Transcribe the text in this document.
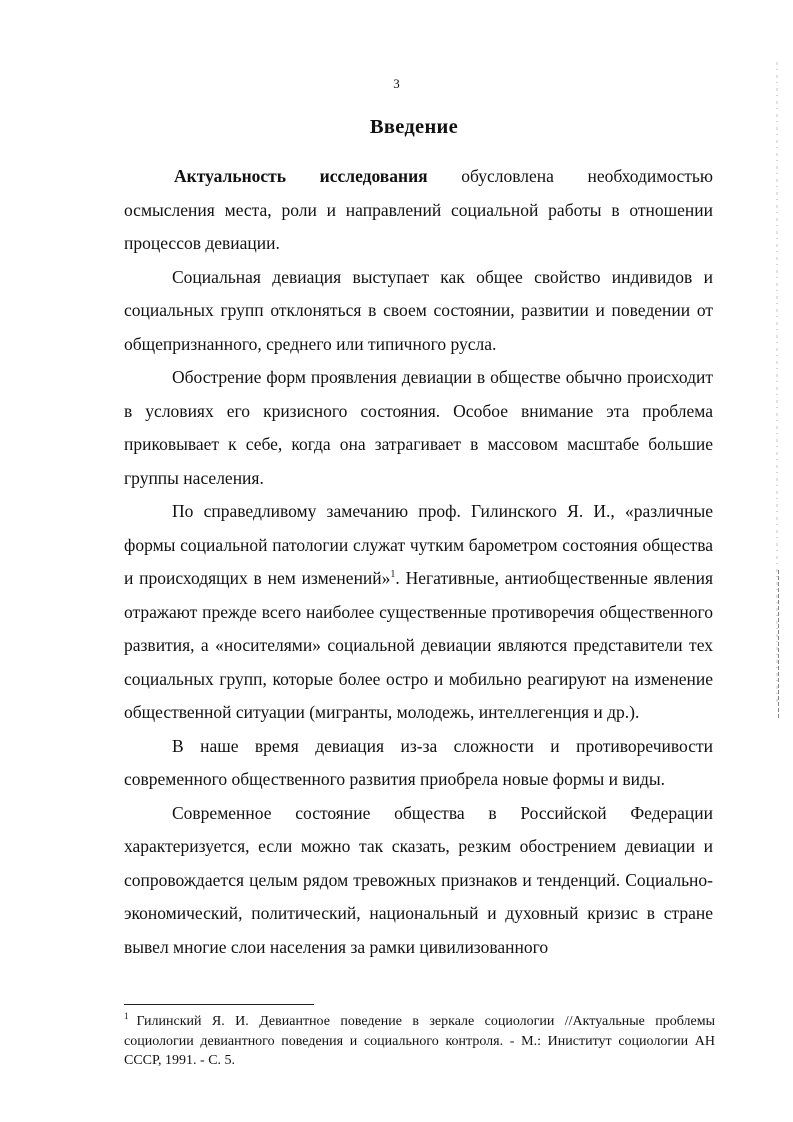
3
Введение

Актуальность исследования обусловлена необходимостью осмысления места, роли и направлений социальной работы в отношении процессов девиации.

Социальная девиация выступает как общее свойство индивидов и социальных групп отклоняться в своем состоянии, развитии и поведении от общепризнанного, среднего или типичного русла.

Обострение форм проявления девиации в обществе обычно происходит в условиях его кризисного состояния. Особое внимание эта проблема приковывает к себе, когда она затрагивает в массовом масштабе большие группы населения.

По справедливому замечанию проф. Гилинского Я. И., «различные формы социальной патологии служат чутким барометром состояния общества и происходящих в нем изменений»$^1$. Негативные, антиобщественные явления отражают прежде всего наиболее существенные противоречия общественного развития, а «носителями» социальной девиации являются представители тех социальных групп, которые более остро и мобильно реагируют на изменение общественной ситуации (мигранты, молодежь, интеллегенция и др.).

В наше время девиация из-за сложности и противоречивости современного общественного развития приобрела новые формы и виды.

Современное состояние общества в Российской Федерации характеризуется, если можно так сказать, резким обострением девиации и сопровождается целым рядом тревожных признаков и тенденций. Социально-экономический, политический, национальный и духовный кризис в стране вывел многие слои населения за рамки цивилизованного

$^1$ Гилинский Я. И. Девиантное поведение в зеркале социологии //Актуальные проблемы социологии девиантного поведения и социального контроля. - М.: Иниститут социологии АН СССР, 1991. - С. 5.
